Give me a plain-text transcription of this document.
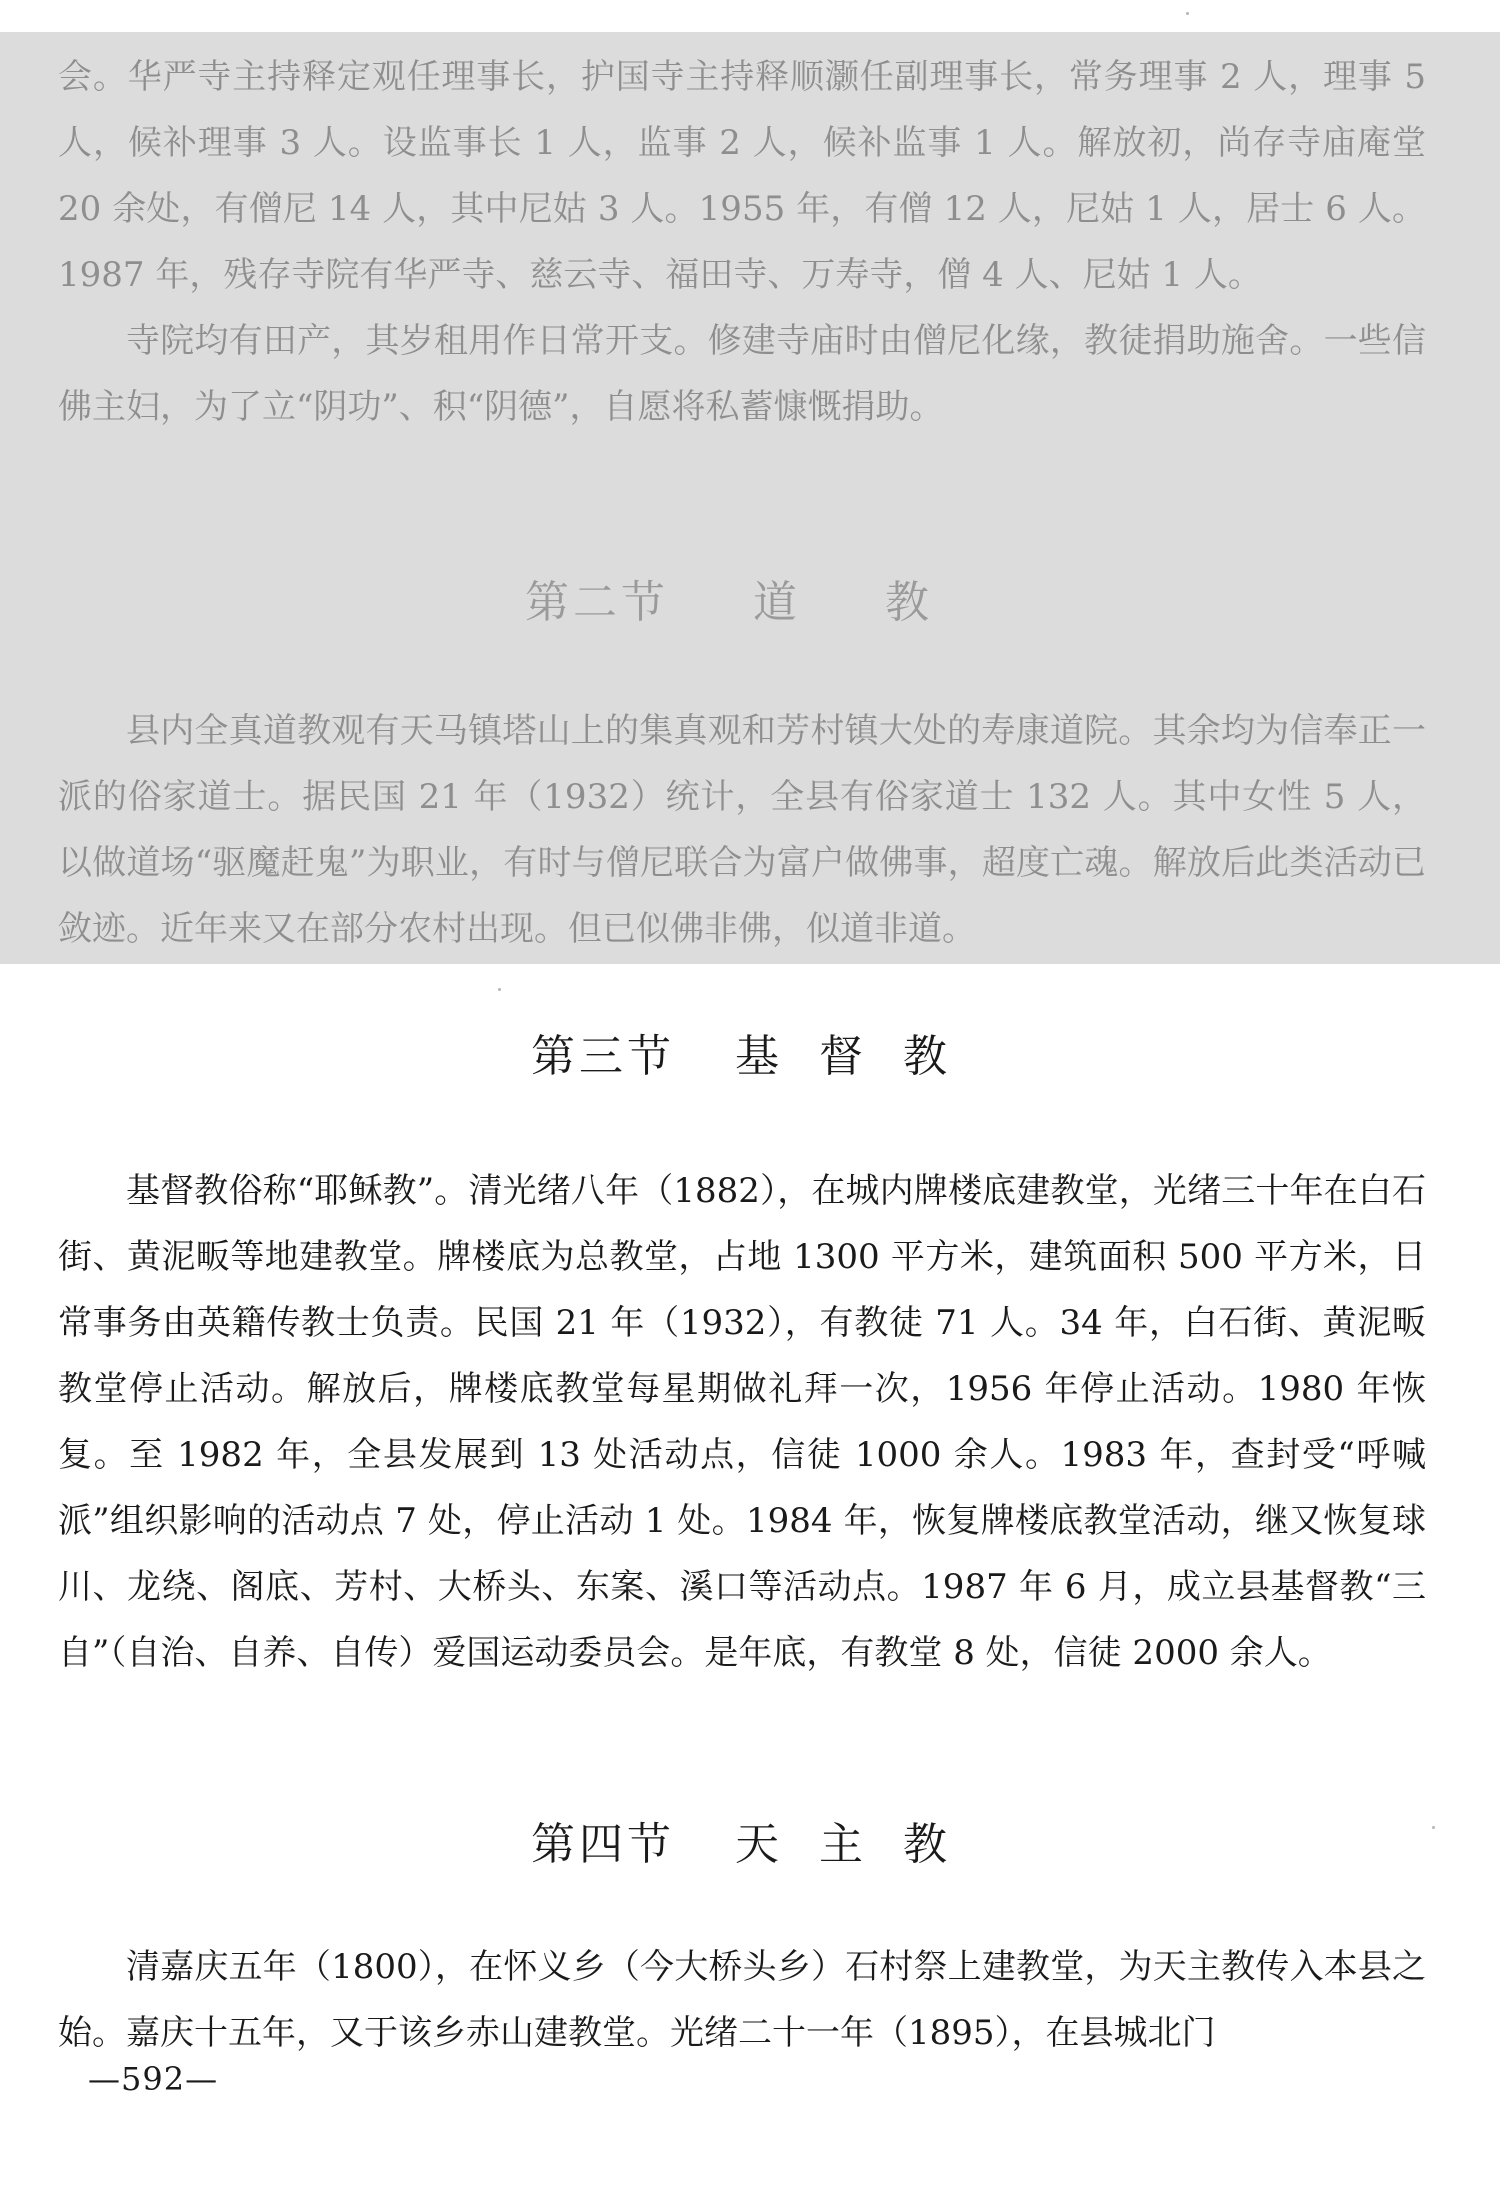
会。华严寺主持释定观任理事长，护国寺主持释顺灏任副理事长，常务理事 2 人，理事 5 人，候补理事 3 人。设监事长 1 人，监事 2 人，候补监事 1 人。解放初，尚存寺庙庵堂 20 余处，有僧尼 14 人，其中尼姑 3 人。1955 年，有僧 12 人，尼姑 1 人，居士 6 人。1987 年，残存寺院有华严寺、慈云寺、福田寺、万寿寺，僧 4 人、尼姑 1 人。

寺院均有田产，其岁租用作日常开支。修建寺庙时由僧尼化缘，教徒捐助施舍。一些信佛主妇，为了立“阴功”、积“阴德”，自愿将私蓄慷慨捐助。

第二节 道 教

县内全真道教观有天马镇塔山上的集真观和芳村镇大处的寿康道院。其余均为信奉正一派的俗家道士。据民国 21 年（1932）统计，全县有俗家道士 132 人。其中女性 5 人，以做道场“驱魔赶鬼”为职业，有时与僧尼联合为富户做佛事，超度亡魂。解放后此类活动已敛迹。近年来又在部分农村出现。但已似佛非佛，似道非道。

第三节 基 督 教

基督教俗称“耶稣教”。清光绪八年（1882），在城内牌楼底建教堂，光绪三十年在白石街、黄泥畈等地建教堂。牌楼底为总教堂，占地 1300 平方米，建筑面积 500 平方米，日常事务由英籍传教士负责。民国 21 年（1932），有教徒 71 人。34 年，白石街、黄泥畈教堂停止活动。解放后，牌楼底教堂每星期做礼拜一次，1956 年停止活动。1980 年恢复。至 1982 年，全县发展到 13 处活动点，信徒 1000 余人。1983 年，查封受“呼喊派”组织影响的活动点 7 处，停止活动 1 处。1984 年，恢复牌楼底教堂活动，继又恢复球川、龙绕、阁底、芳村、大桥头、东案、溪口等活动点。1987 年 6 月，成立县基督教“三自”（自治、自养、自传）爱国运动委员会。是年底，有教堂 8 处，信徒 2000 余人。

第四节 天 主 教

清嘉庆五年（1800），在怀义乡（今大桥头乡）石村祭上建教堂，为天主教传入本县之始。嘉庆十五年，又于该乡赤山建教堂。光绪二十一年（1895），在县城北门

—592—
